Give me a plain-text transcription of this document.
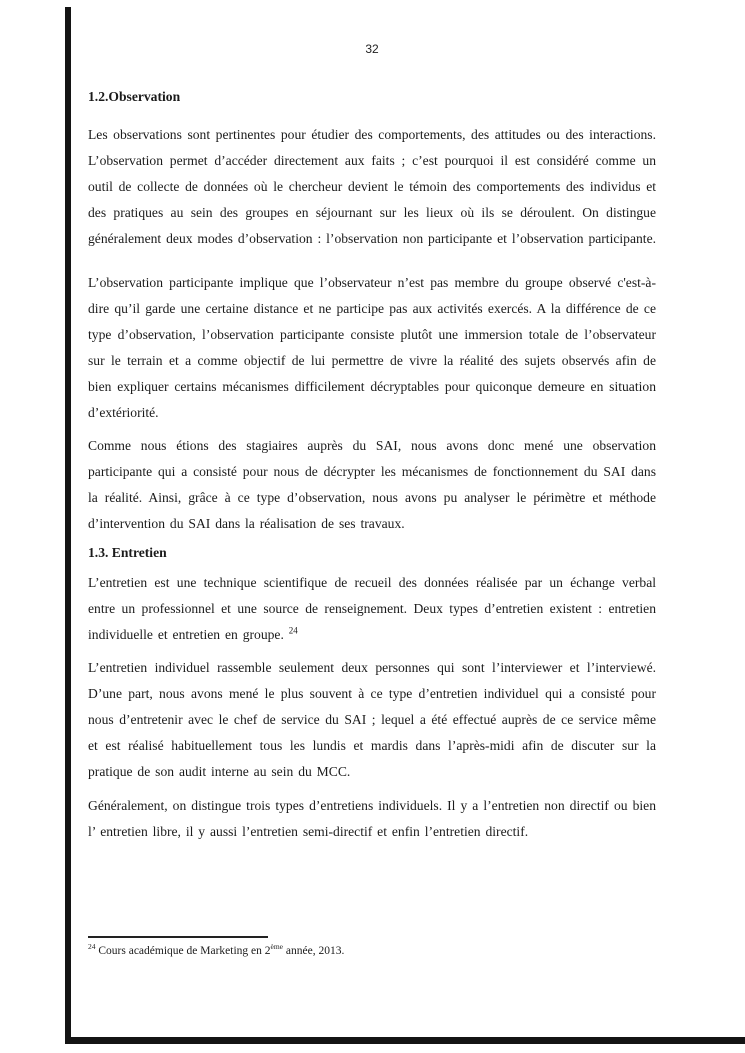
32
1.2.Observation

Les observations sont pertinentes pour étudier des comportements, des attitudes ou des interactions. L’observation permet d’accéder directement aux faits ; c’est pourquoi il est considéré comme un outil de collecte de données où le chercheur devient le témoin des comportements des individus et des pratiques au sein des groupes en séjournant sur les lieux où ils se déroulent. On distingue généralement deux modes d’observation : l’observation non participante et l’observation participante.

L’observation participante implique que l’observateur n’est pas membre du groupe observé c'est-à-dire qu’il garde une certaine distance et ne participe pas aux activités exercés. A la différence de ce type d’observation, l’observation participante consiste plutôt une immersion totale de l’observateur sur le terrain et a comme objectif de lui permettre de vivre la réalité des sujets observés afin de bien expliquer certains mécanismes difficilement décryptables pour quiconque demeure en situation d’extériorité.

Comme nous étions des stagiaires auprès du SAI, nous avons donc mené une observation participante qui a consisté pour nous de décrypter les mécanismes de fonctionnement du SAI dans la réalité. Ainsi, grâce à ce type d’observation, nous avons pu analyser le périmètre et méthode d’intervention du SAI dans la réalisation de ses travaux.

1.3. Entretien

L’entretien est une technique scientifique de recueil des données réalisée par un échange verbal entre un professionnel et une source de renseignement. Deux types d’entretien existent : entretien individuelle et entretien en groupe. $^{24}$

L’entretien individuel rassemble seulement deux personnes qui sont l’interviewer et l’interviewé. D’une part, nous avons mené le plus souvent à ce type d’entretien individuel qui a consisté pour nous d’entretenir avec le chef de service du SAI ; lequel a été effectué auprès de ce service même et est réalisé habituellement tous les lundis et mardis dans l’après-midi afin de discuter sur la pratique de son audit interne au sein du MCC.

Généralement, on distingue trois types d’entretiens individuels. Il y a l’entretien non directif ou bien l’ entretien libre, il y aussi l’entretien semi-directif et enfin l’entretien directif.

$^{24}$ Cours académique de Marketing en 2ème année, 2013.
